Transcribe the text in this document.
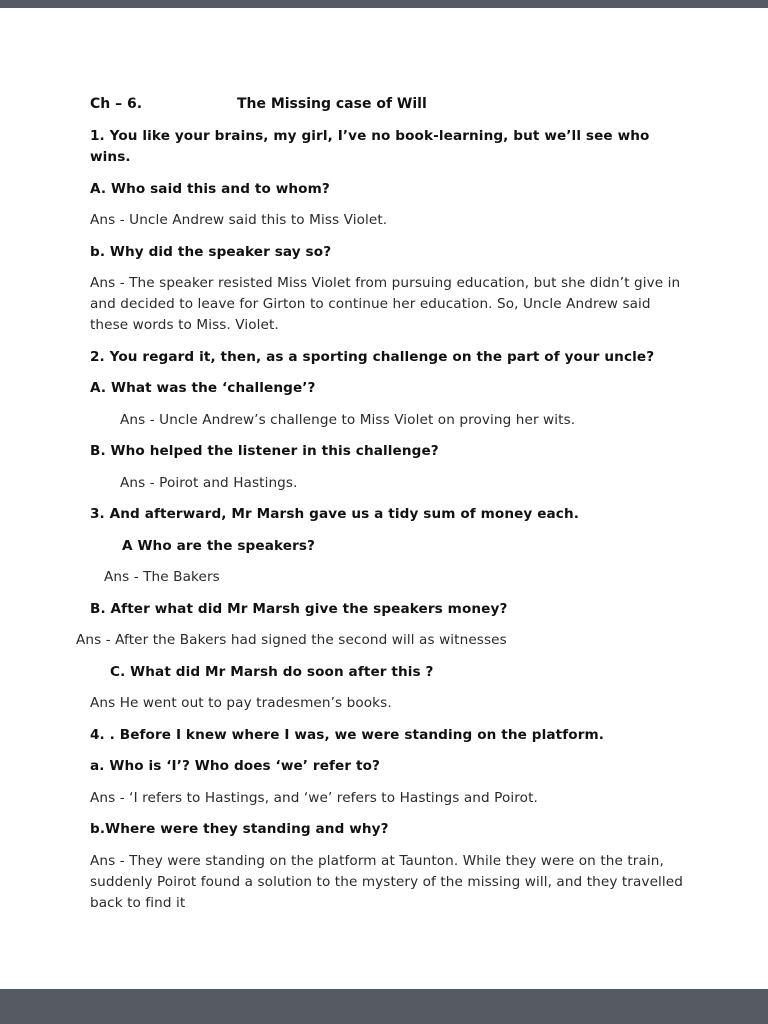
Ch – 6.	The Missing case of Will

1. You like your brains, my girl, I’ve no book-learning, but we’ll see who wins.

A. Who said this and to whom?

Ans - Uncle Andrew said this to Miss Violet.

b. Why did the speaker say so?

Ans - The speaker resisted Miss Violet from pursuing education, but she didn’t give in and decided to leave for Girton to continue her education. So, Uncle Andrew said these words to Miss. Violet.

2. You regard it, then, as a sporting challenge on the part of your uncle?

A. What was the ‘challenge’?

Ans - Uncle Andrew’s challenge to Miss Violet on proving her wits.

B. Who helped the listener in this challenge?

Ans - Poirot and Hastings.

3. And afterward, Mr Marsh gave us a tidy sum of money each.

A Who are the speakers?

Ans - The Bakers

B. After what did Mr Marsh give the speakers money?

Ans - After the Bakers had signed the second will as witnesses

C. What did Mr Marsh do soon after this ?

Ans He went out to pay tradesmen’s books.

4. . Before I knew where I was, we were standing on the platform.

a. Who is ‘I’? Who does ‘we’ refer to?

Ans - ‘I refers to Hastings, and ‘we’ refers to Hastings and Poirot.

b.Where were they standing and why?

Ans - They were standing on the platform at Taunton. While they were on the train, suddenly Poirot found a solution to the mystery of the missing will, and they travelled back to find it
